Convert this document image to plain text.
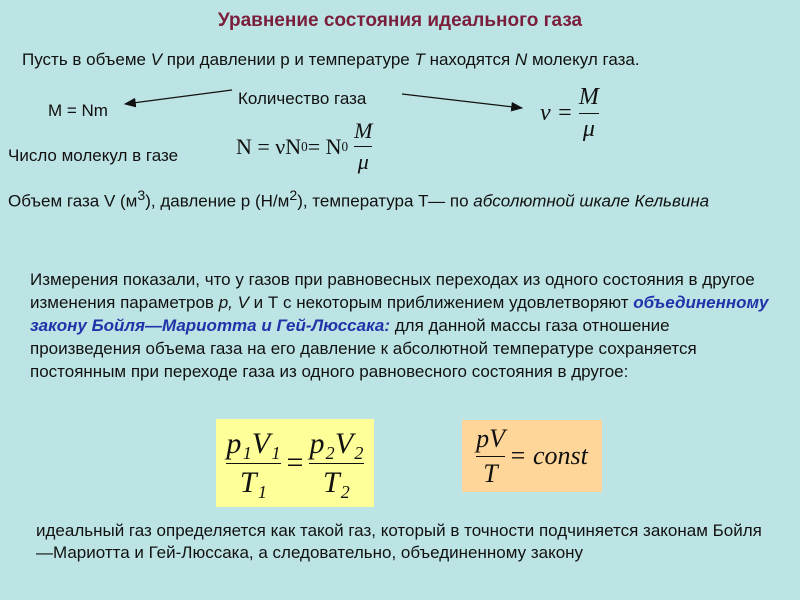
Уравнение состояния идеального газа
Пусть в объеме V при давлении p и температуре T находятся N молекул газа.
M = Nm
Количество газа
$\nu = \frac{M}{\mu}$
Число молекул в газе	N = νN 0 = N $0 \frac{M}{\mu}$
Объем газа V $(м^3)$, давление p $(Н/м^2)$, температура Т— по абсолютной шкале Кельвина
Измерения показали, что у газов при равновесных переходах из одного состояния в другое изменения параметров p, V и Т с некоторым приближением удовлетворяют объединенному закону Бойля—Мариотта и Гей-Люссака: для данной массы газа отношение произведения объема газа на его давление к абсолютной температуре сохраняется постоянным при переходе газа из одного равновесного состояния в другое:
$\frac{\text{p₁V₁}}{\text{T₁}} = \frac{\text{p₂V₂}}{\text{T₂}}$	$\frac{pV}{T}$ = const
идеальный газ определяется как такой газ, который в точности подчиняется законам Бойля—Мариотта и Гей-Люссака, а следовательно, объединенному закону
